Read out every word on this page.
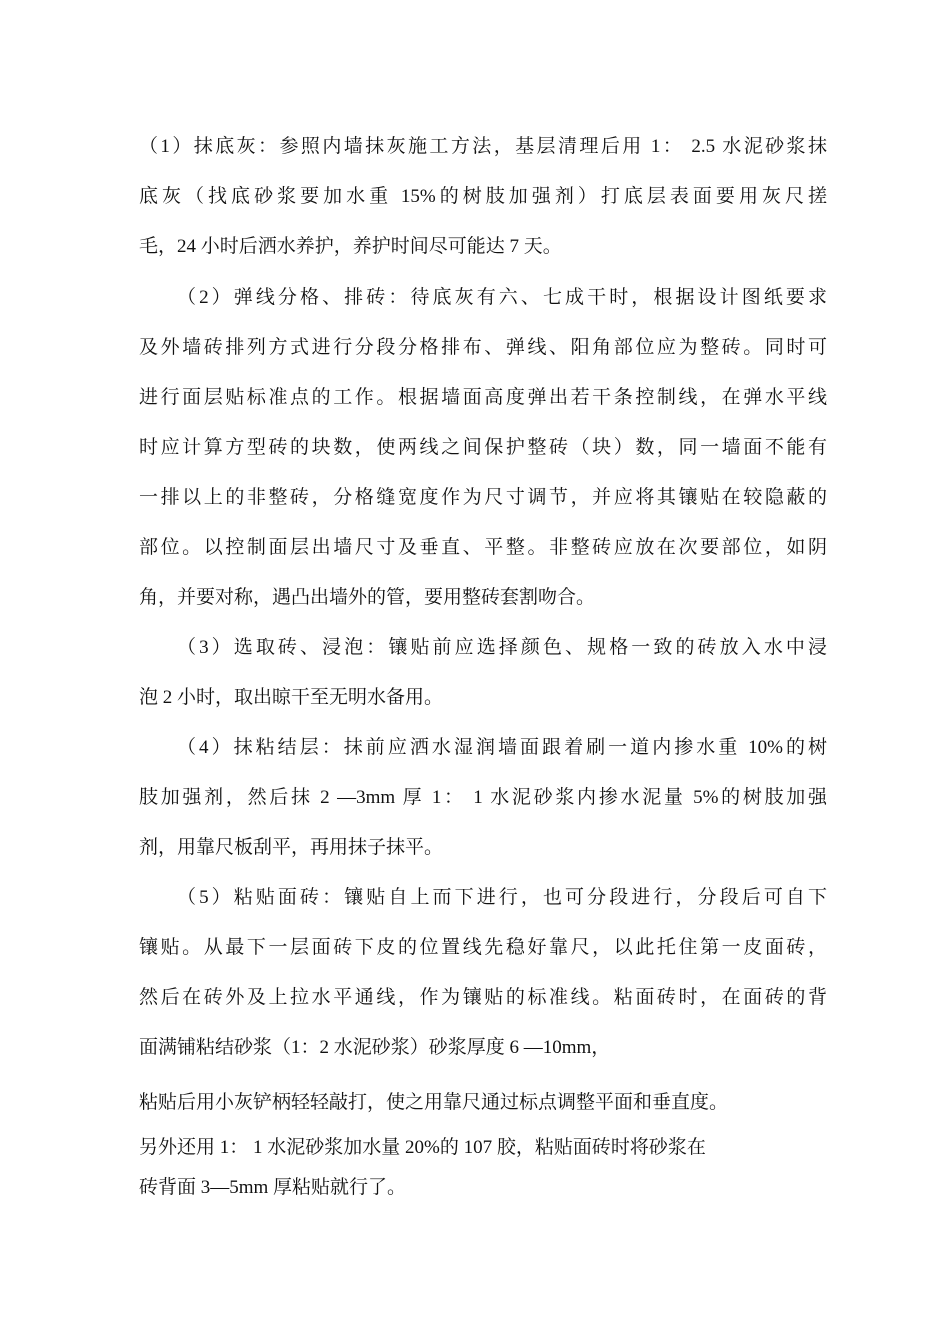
（1）抹底灰：参照内墙抹灰施工方法，基层清理后用 1： 2.5 水泥砂浆抹
底灰（找底砂浆要加水重 15%的树肢加强剂）打底层表面要用灰尺搓
毛，24 小时后洒水养护，养护时间尽可能达 7 天。
（2）弹线分格、排砖：待底灰有六、七成干时，根据设计图纸要求
及外墙砖排列方式进行分段分格排布、弹线、阳角部位应为整砖。同时可
进行面层贴标准点的工作。根据墙面高度弹出若干条控制线，在弹水平线
时应计算方型砖的块数，使两线之间保护整砖（块）数，同一墙面不能有
一排以上的非整砖，分格缝宽度作为尺寸调节，并应将其镶贴在较隐蔽的
部位。以控制面层出墙尺寸及垂直、平整。非整砖应放在次要部位，如阴
角，并要对称，遇凸出墙外的管，要用整砖套割吻合。
（3）选取砖、浸泡：镶贴前应选择颜色、规格一致的砖放入水中浸
泡 2 小时，取出晾干至无明水备用。
（4）抹粘结层：抹前应洒水湿润墙面跟着刷一道内掺水重 10%的树
肢加强剂，然后抹 2 —3mm 厚 1： 1 水泥砂浆内掺水泥量 5%的树肢加强
剂，用靠尺板刮平，再用抹子抹平。
（5）粘贴面砖：镶贴自上而下进行，也可分段进行，分段后可自下
镶贴。从最下一层面砖下皮的位置线先稳好靠尺，以此托住第一皮面砖，
然后在砖外及上拉水平通线，作为镶贴的标准线。粘面砖时，在面砖的背
面满铺粘结砂浆（1：2 水泥砂浆）砂浆厚度 6 —10mm，
粘贴后用小灰铲柄轻轻敲打，使之用靠尺通过标点调整平面和垂直度。
另外还用 1： 1 水泥砂浆加水量 20%的 107 胶，粘贴面砖时将砂浆在
砖背面 3—5mm 厚粘贴就行了。
